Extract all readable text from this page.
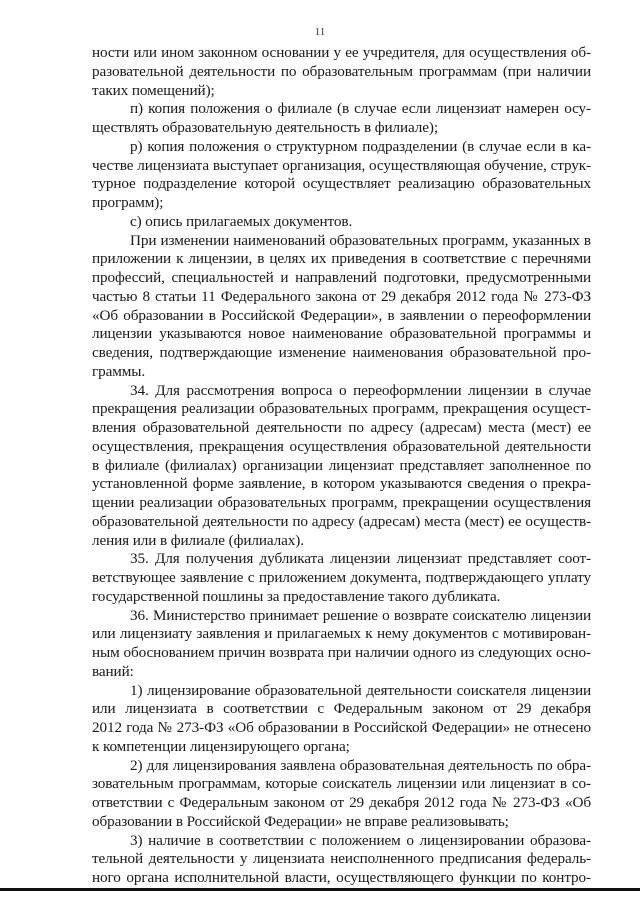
11
ности или ином законном основании у ее учредителя, для осуществления об-
разовательной деятельности по образовательным программам (при наличии
таких помещений);
п) копия положения о филиале (в случае если лицензиат намерен осу-
ществлять образовательную деятельность в филиале);
р) копия положения о структурном подразделении (в случае если в ка-
честве лицензиата выступает организация, осуществляющая обучение, струк-
турное подразделение которой осуществляет реализацию образовательных
программ);
с) опись прилагаемых документов.
При изменении наименований образовательных программ, указанных в
приложении к лицензии, в целях их приведения в соответствие с перечнями
профессий, специальностей и направлений подготовки, предусмотренными
частью 8 статьи 11 Федерального закона от 29 декабря 2012 года № 273-ФЗ
«Об образовании в Российской Федерации», в заявлении о переоформлении
лицензии указываются новое наименование образовательной программы и
сведения, подтверждающие изменение наименования образовательной про-
граммы.
34. Для рассмотрения вопроса о переоформлении лицензии в случае
прекращения реализации образовательных программ, прекращения осущест-
вления образовательной деятельности по адресу (адресам) места (мест) ее
осуществления, прекращения осуществления образовательной деятельности
в филиале (филиалах) организации лицензиат представляет заполненное по
установленной форме заявление, в котором указываются сведения о прекра-
щении реализации образовательных программ, прекращении осуществления
образовательной деятельности по адресу (адресам) места (мест) ее осуществ-
ления или в филиале (филиалах).
35. Для получения дубликата лицензии лицензиат представляет соот-
ветствующее заявление с приложением документа, подтверждающего уплату
государственной пошлины за предоставление такого дубликата.
36. Министерство принимает решение о возврате соискателю лицензии
или лицензиату заявления и прилагаемых к нему документов с мотивирован-
ным обоснованием причин возврата при наличии одного из следующих осно-
ваний:
1) лицензирование образовательной деятельности соискателя лицензии
или лицензиата в соответствии с Федеральным законом от 29 декабря
2012 года № 273-ФЗ «Об образовании в Российской Федерации» не отнесено
к компетенции лицензирующего органа;
2) для лицензирования заявлена образовательная деятельность по обра-
зовательным программам, которые соискатель лицензии или лицензиат в со-
ответствии с Федеральным законом от 29 декабря 2012 года № 273-ФЗ «Об
образовании в Российской Федерации» не вправе реализовывать;
3) наличие в соответствии с положением о лицензировании образова-
тельной деятельности у лицензиата неисполненного предписания федераль-
ного органа исполнительной власти, осуществляющего функции по контро-
